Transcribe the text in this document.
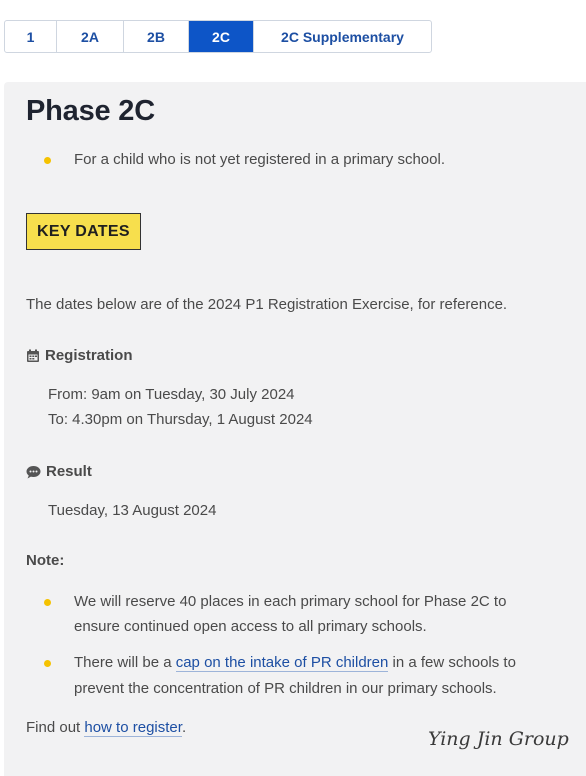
1	2A	2B	2C	2C Supplementary
Phase 2C
For a child who is not yet registered in a primary school.
KEY DATES
The dates below are of the 2024 P1 Registration Exercise, for reference.
Registration
From: 9am on Tuesday, 30 July 2024
To: 4.30pm on Thursday, 1 August 2024
Result
Tuesday, 13 August 2024
Note:
We will reserve 40 places in each primary school for Phase 2C to
ensure continued open access to all primary schools.
There will be a cap on the intake of PR children in a few schools to
prevent the concentration of PR children in our primary schools.
Find out how to register.
Ying Jin Group
